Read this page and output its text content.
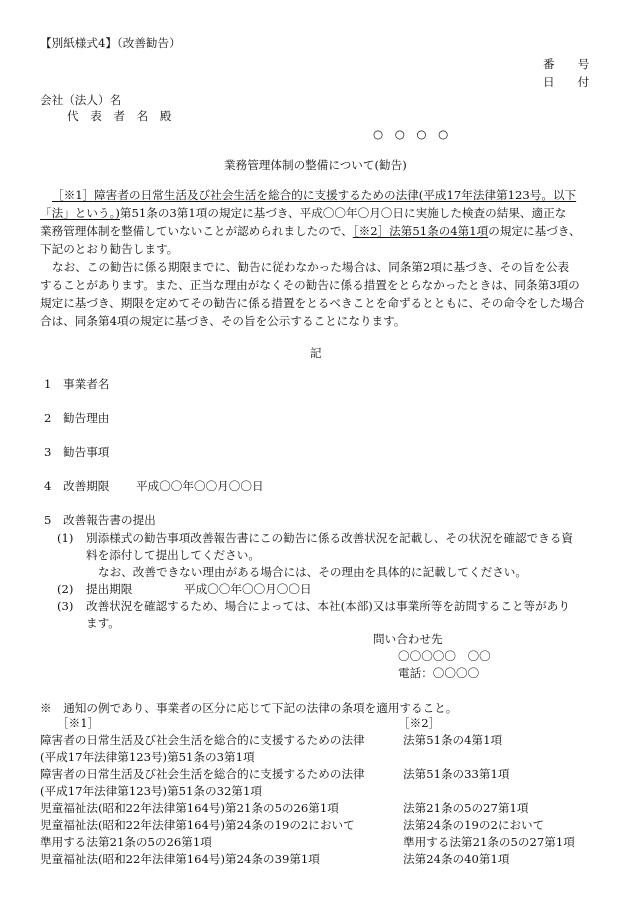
【別紙様式4】（改善勧告）
番　　号
日　　付
会社（法人）名
代　表　者　名　殿
○　○　○　○
業務管理体制の整備について(勧告)
［※1］障害者の日常生活及び社会生活を総合的に支援するための法律(平成17年法律第123号。以下
「法」という。)第51条の3第1項の規定に基づき、平成〇〇年〇月〇日に実施した検査の結果、適正な
業務管理体制を整備していないことが認められましたので、［※2］法第51条の4第1項の規定に基づき、
下記のとおり勧告します。
なお、この勧告に係る期限までに、勧告に従わなかった場合は、同条第2項に基づき、その旨を公表
することがあります。また、正当な理由がなくその勧告に係る措置をとらなかったときは、同条第3項の
規定に基づき、期限を定めてその勧告に係る措置をとるべきことを命ずるとともに、その命令をした場合
合は、同条第4項の規定に基づき、その旨を公示することになります。
記
1 事業者名
2 勧告理由
3 勧告事項
4 改善期限 平成〇〇年〇〇月〇〇日
5 改善報告書の提出
(1) 別添様式の勧告事項改善報告書にこの勧告に係る改善状況を記載し、その状況を確認できる資
料を添付して提出してください。
なお、改善できない理由がある場合には、その理由を具体的に記載してください。
(2) 提出期限	平成〇〇年〇〇月〇〇日
(3) 改善状況を確認するため、場合によっては、本社(本部)又は事業所等を訪問すること等があり
ます。
問い合わせ先
〇〇〇〇〇　〇〇
電話：〇〇〇〇
※　通知の例であり、事業者の区分に応じて下記の法律の条項を適用すること。
［※1］	［※2］
障害者の日常生活及び社会生活を総合的に支援するための法律	法第51条の4第1項
(平成17年法律第123号)第51条の3第1項
障害者の日常生活及び社会生活を総合的に支援するための法律	法第51条の33第1項
(平成17年法律第123号)第51条の32第1項
児童福祉法(昭和22年法律第164号)第21条の5の26第1項	法第21条の5の27第1項
児童福祉法(昭和22年法律第164号)第24条の19の2において	法第24条の19の2において
準用する法第21条の5の26第1項	準用する法第21条の5の27第1項
児童福祉法(昭和22年法律第164号)第24条の39第1項	法第24条の40第1項
